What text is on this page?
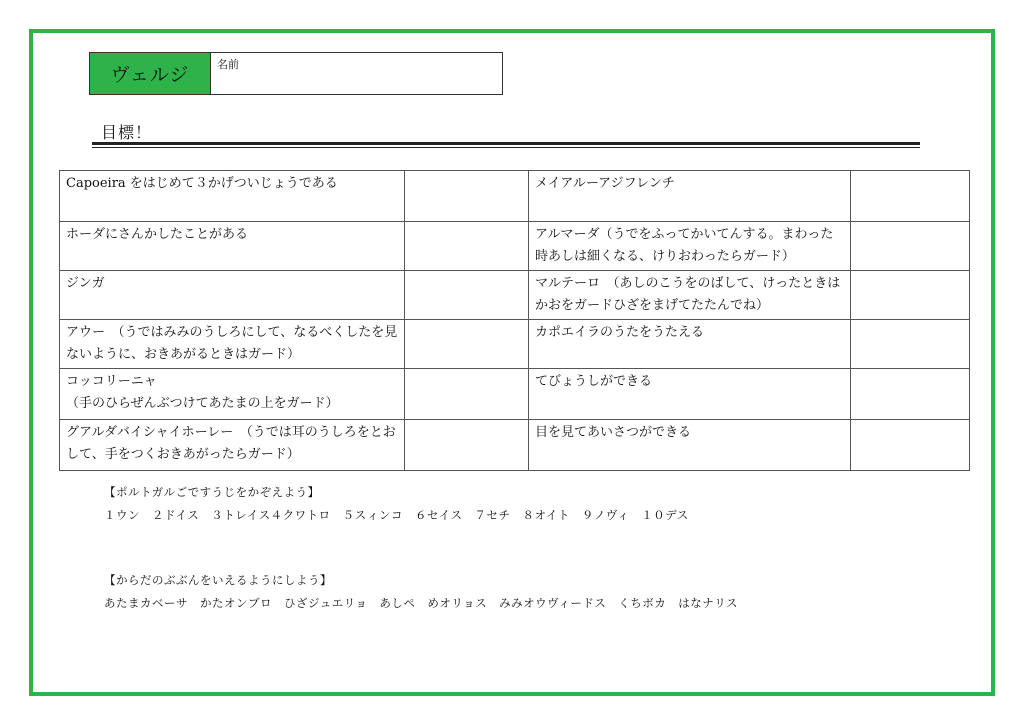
ヴェルジ	名前
目標！
Capoeira をはじめて３かげついじょうである		メイアルーアジフレンチ	
ホーダにさんかしたことがある		アルマーダ（うでをふってかいてんする。まわった時あしは細くなる、けりおわったらガード）	
ジンガ		マルテーロ　（あしのこうをのばして、けったときはかおをガードひざをまげてたたんでね）	
アウー　（うではみみのうしろにして、なるべくしたを見ないように、おきあがるときはガード）		カポエイラのうたをうたえる	
コッコリーニャ
（手のひらぜんぶつけてあたまの上をガード）		てびょうしができる	
グアルダバイシャイホーレー　（うでは耳のうしろをとおして、手をつくおきあがったらガード）		目を見てあいさつができる	
【ポルトガルごですうじをかぞえよう】
１ウン　２ドイス　３トレイス４クワトロ　５スィンコ　６セイス　７セチ　８オイト　９ノヴィ　１０デス
【からだのぶぶんをいえるようにしよう】
あたまカベーサ　かたオンブロ　ひざジュエリョ　あしペ　めオリョス　みみオウヴィードス　くちボカ　はなナリス
